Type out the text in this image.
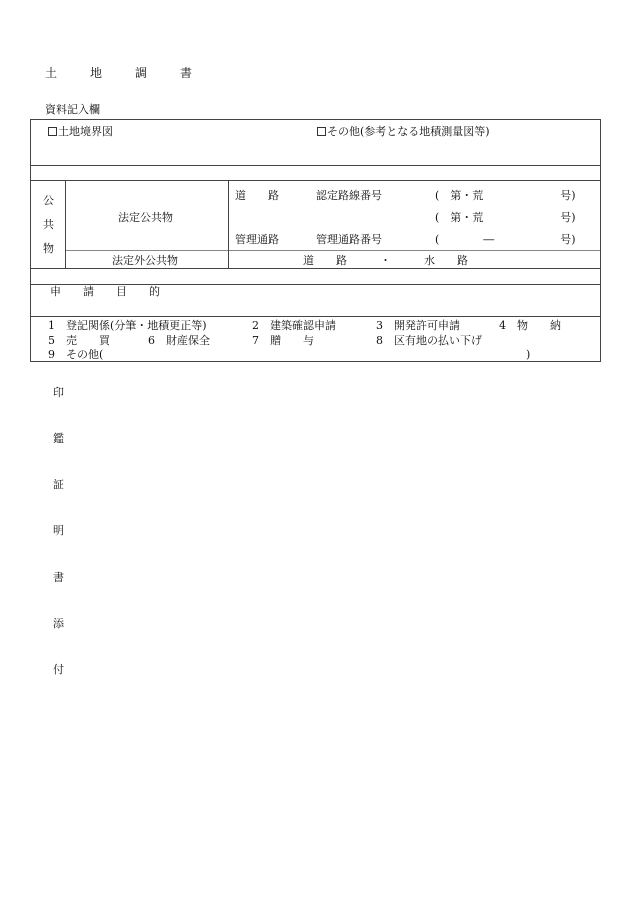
土	地	調	書
資料記入欄
土地境界図	その他(参考となる地積測量図等)
公
共
物
法定公共物
道　　路	認定路線番号	(　第・荒　　　　　　　号)
(　第・荒　　　　　　　号)
管理通路	管理通路番号	(　　　　―　　　　　　号)
法定外公共物	道　　路　　　・　　　水　　路
申　　請　　目　　的
1　登記関係(分筆・地積更正等)	2　建築確認申請	3　開発許可申請	4　物　　納
5　売　　買	6　財産保全	7　贈　　与	8　区有地の払い下げ
9　その他(	)
印
鑑
証
明
書
添
付
